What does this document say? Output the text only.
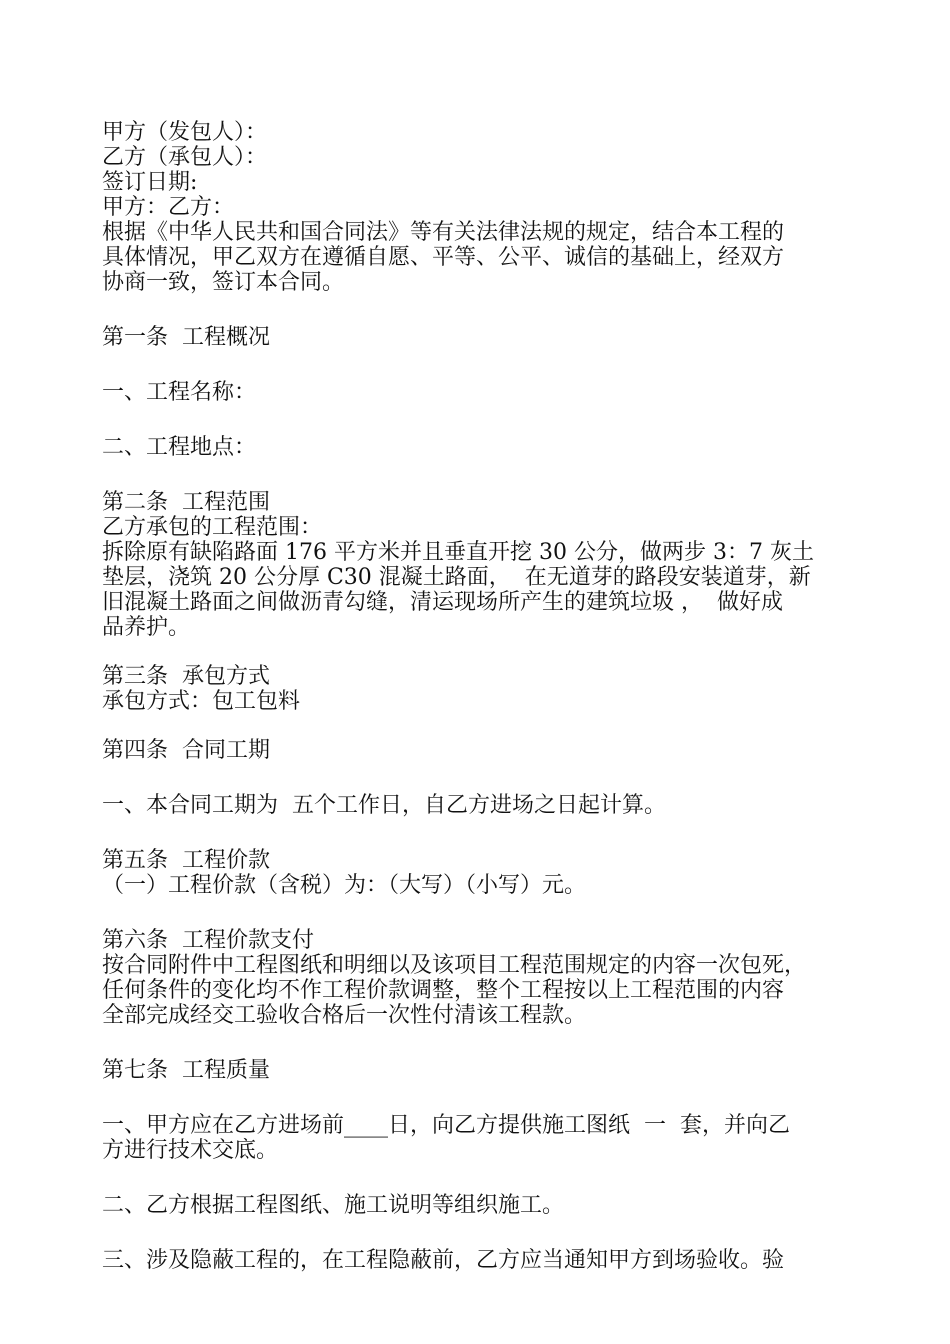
甲方（发包人）：
乙方（承包人）：
签订日期:
甲方：乙方：
根据《中华人民共和国合同法》等有关法律法规的规定，结合本工程的
具体情况，甲乙双方在遵循自愿、平等、公平、诚信的基础上，经双方
协商一致，签订本合同。
第一条  工程概况
一、工程名称：
二、工程地点：
第二条  工程范围
乙方承包的工程范围：
拆除原有缺陷路面 176 平方米并且垂直开挖 30 公分，做两步 3：7 灰土
垫层，浇筑 20 公分厚 C30 混凝土路面，  在无道芽的路段安装道芽，新
旧混凝土路面之间做沥青勾缝，清运现场所产生的建筑垃圾 ，  做好成
品养护。
第三条  承包方式
承包方式：包工包料
第四条  合同工期
一、本合同工期为  五个工作日，自乙方进场之日起计算。
第五条  工程价款
（一）工程价款（含税）为：（大写）（小写）元。
第六条  工程价款支付
按合同附件中工程图纸和明细以及该项目工程范围规定的内容一次包死，
任何条件的变化均不作工程价款调整，整个工程按以上工程范围的内容
全部完成经交工验收合格后一次性付清该工程款。
第七条  工程质量
一、甲方应在乙方进场前____日，向乙方提供施工图纸  一  套，并向乙
方进行技术交底。
二、乙方根据工程图纸、施工说明等组织施工。
三、涉及隐蔽工程的，在工程隐蔽前，乙方应当通知甲方到场验收。验
